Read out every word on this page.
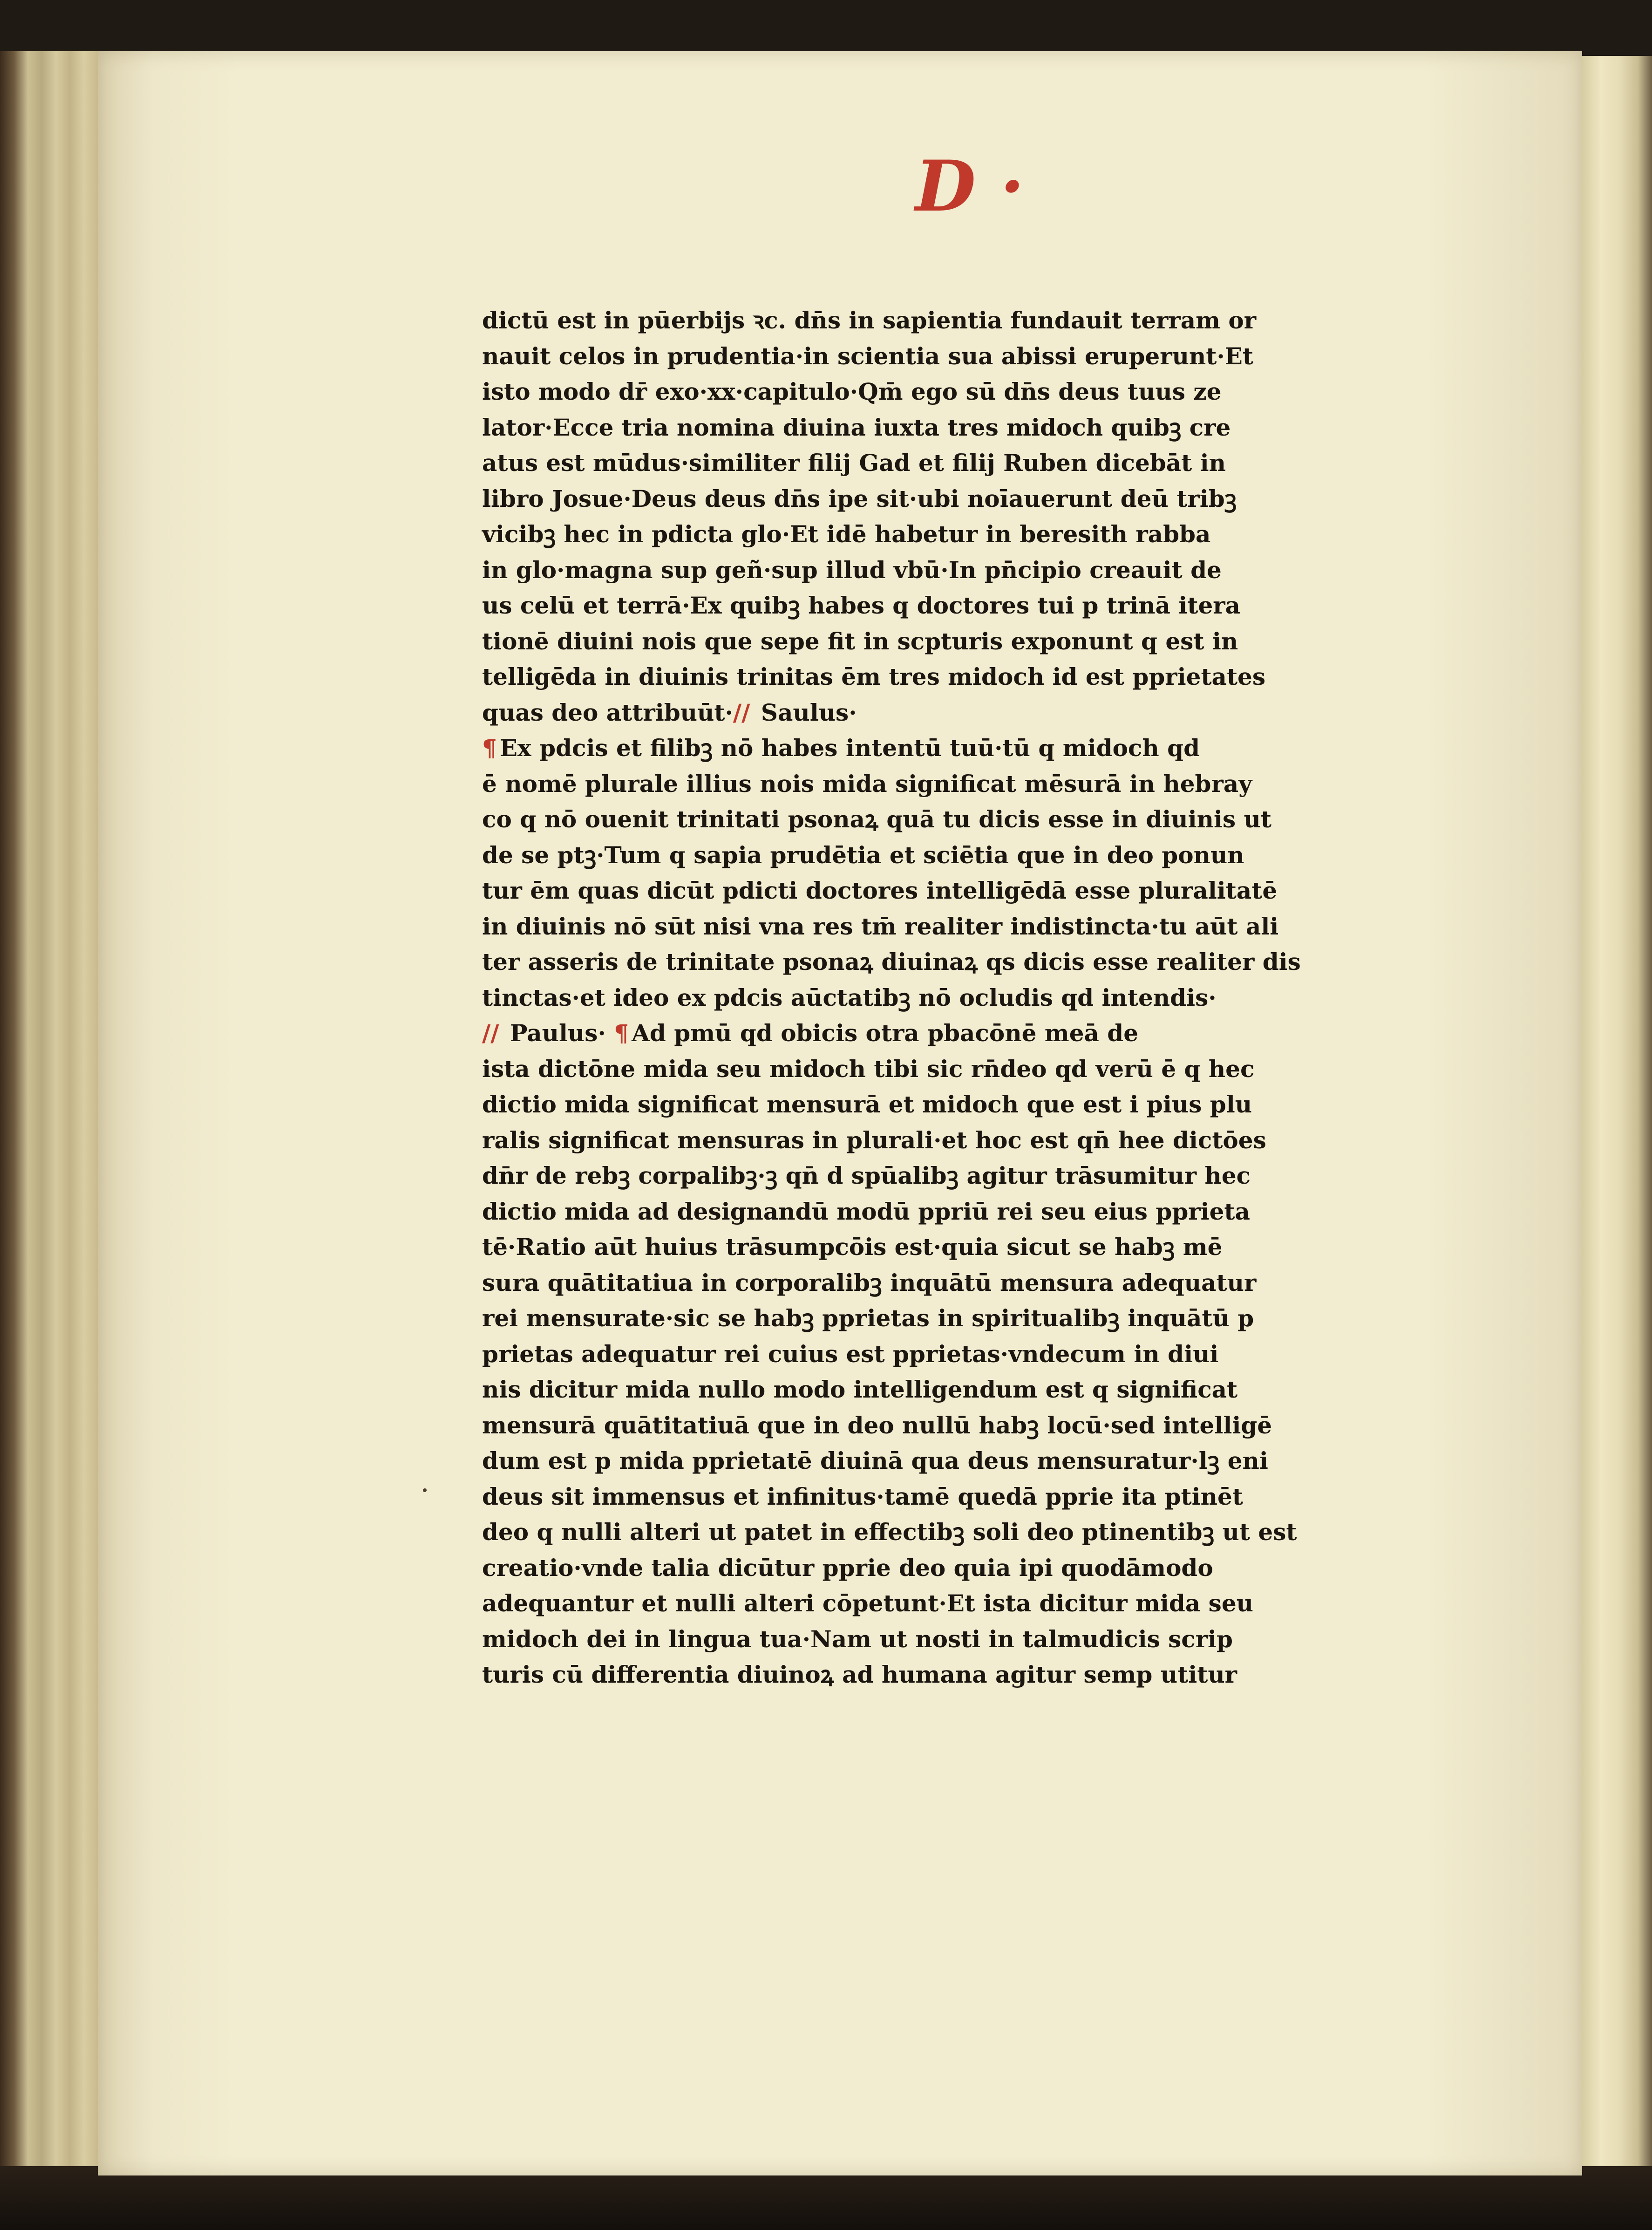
D ·
dictū est in pūerbijs ꝛc. dn̄s in sapientia fundauit terram or
nauit celos in prudentia·in scientia sua abissi eruperunt·Et
isto modo dr̄ exo·xx·capitulo·Qm̄ ego sū dn̄s deus tuus ze
lator·Ecce tria nomina diuina iuxta tres midoch quibꝫ cre
atus est mūdus·similiter filij Gad et filij Ruben dicebāt in
libro Josue·Deus deus dn̄s ipe sit·ubi noīauerunt deū tribꝫ
vicibꝫ hec in pdicta glo·Et idē habetur in beresith rabba
in glo·magna sup geñ·sup illud vbū·In pn̄cipio creauit de
us celū et terrā·Ex quibꝫ habes q doctores tui p trinā itera
tionē diuini nois que sepe fit in scpturis exponunt q est in
telligēda in diuinis trinitas ēm tres midoch id est pprietates
quas deo attribuūt·// Saulus·
¶ Ex pdcis et filibꝫ nō habes intentū tuū·tū q midoch qd
ē nomē plurale illius nois mida significat mēsurā in hebray
co q nō ouenit trinitati psonaꝝ quā tu dicis esse in diuinis ut
de se ptꝫ·Tum q sapia prudētia et sciētia que in deo ponun
tur ēm quas dicūt pdicti doctores intelligēdā esse pluralitatē
in diuinis nō sūt nisi vna res tm̄ realiter indistincta·tu aūt ali
ter asseris de trinitate psonaꝝ diuinaꝝ qs dicis esse realiter dis
tinctas·et ideo ex pdcis aūctatibꝫ nō ocludis qd intendis·
// Paulus· ¶ Ad pmū qd obicis otra pbacōnē meā de
ista dictōne mida seu midoch tibi sic rn̄deo qd verū ē q hec
dictio mida significat mensurā et midoch que est i pius plu
ralis significat mensuras in plurali·et hoc est qn̄ hee dictōes
dn̄r de rebꝫ corpalibꝫ·ꝫ qn̄ d spūalibꝫ agitur trāsumitur hec
dictio mida ad designandū modū ppriū rei seu eius pprieta
tē·Ratio aūt huius trāsumpcōis est·quia sicut se habꝫ mē
sura quātitatiua in corporalibꝫ inquātū mensura adequatur
rei mensurate·sic se habꝫ pprietas in spiritualibꝫ inquātū p
prietas adequatur rei cuius est pprietas·vndecum in diui
nis dicitur mida nullo modo intelligendum est q significat
mensurā quātitatiuā que in deo nullū habꝫ locū·sed intelligē
dum est p mida pprietatē diuinā qua deus mensuratur·lꝫ eni
deus sit immensus et infinitus·tamē quedā pprie ita ptinēt
deo q nulli alteri ut patet in effectibꝫ soli deo ptinentibꝫ ut est
creatio·vnde talia dicūtur pprie deo quia ipi quodāmodo
adequantur et nulli alteri cōpetunt·Et ista dicitur mida seu
midoch dei in lingua tua·Nam ut nosti in talmudicis scrip
turis cū differentia diuinoꝝ ad humana agitur semp utitur
